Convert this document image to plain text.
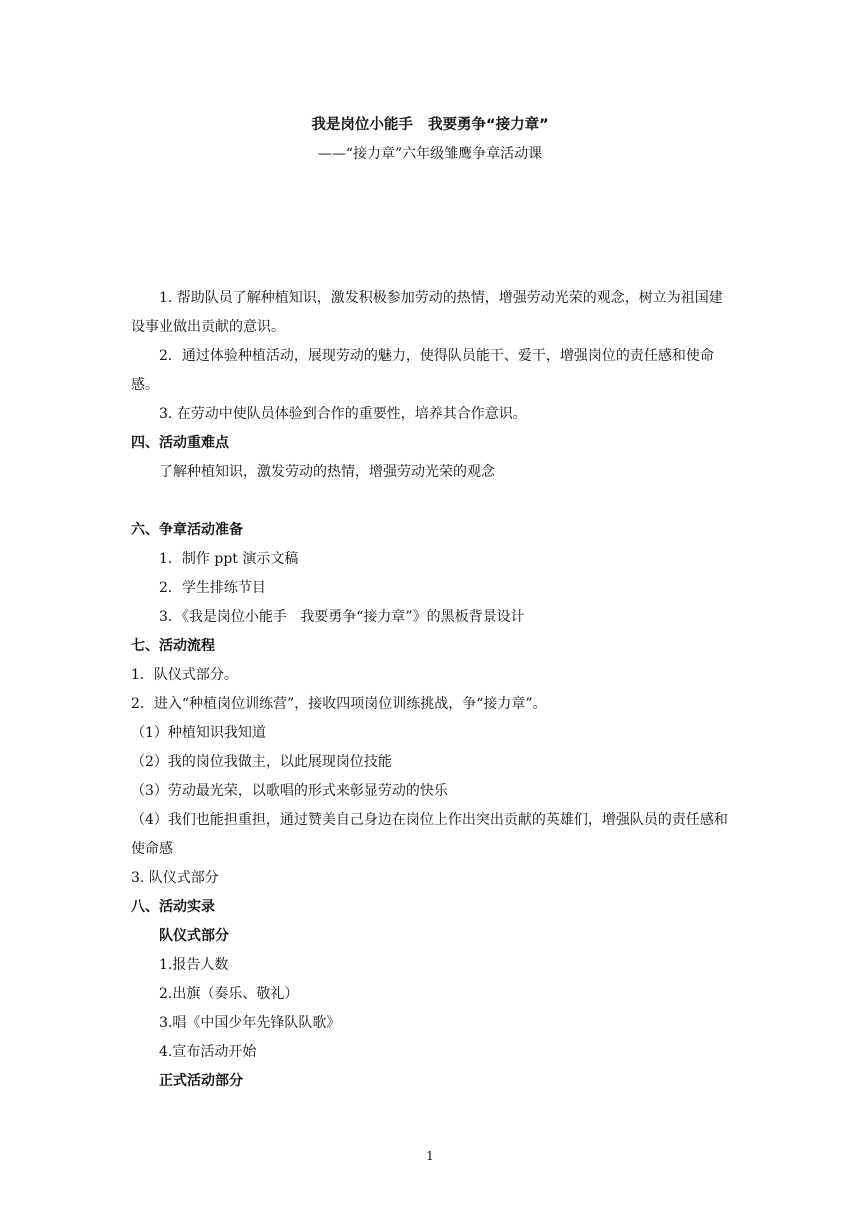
我是岗位小能手   我要勇争“接力章”
——“接力章”六年级雏鹰争章活动课

1. 帮助队员了解种植知识，激发积极参加劳动的热情，增强劳动光荣的观念，树立为祖国建设事业做出贡献的意识。

2．通过体验种植活动，展现劳动的魅力，使得队员能干、爱干，增强岗位的责任感和使命感。

3. 在劳动中使队员体验到合作的重要性，培养其合作意识。

四、活动重难点
了解种植知识，激发劳动的热情，增强劳动光荣的观念

六、争章活动准备
1．制作 ppt 演示文稿
2．学生排练节目
3．《我是岗位小能手   我要勇争“接力章”》的黑板背景设计
七、活动流程
1．队仪式部分。
2．进入“种植岗位训练营”，接收四项岗位训练挑战，争“接力章”。
（1）种植知识我知道
（2）我的岗位我做主，以此展现岗位技能
（3）劳动最光荣，以歌唱的形式来彰显劳动的快乐

（4）我们也能担重担，通过赞美自己身边在岗位上作出突出贡献的英雄们，增强队员的责任感和使命感

3. 队仪式部分
八、活动实录
队仪式部分
1.报告人数
2.出旗（奏乐、敬礼）
3.唱《中国少年先锋队队歌》
4.宣布活动开始
正式活动部分
1
